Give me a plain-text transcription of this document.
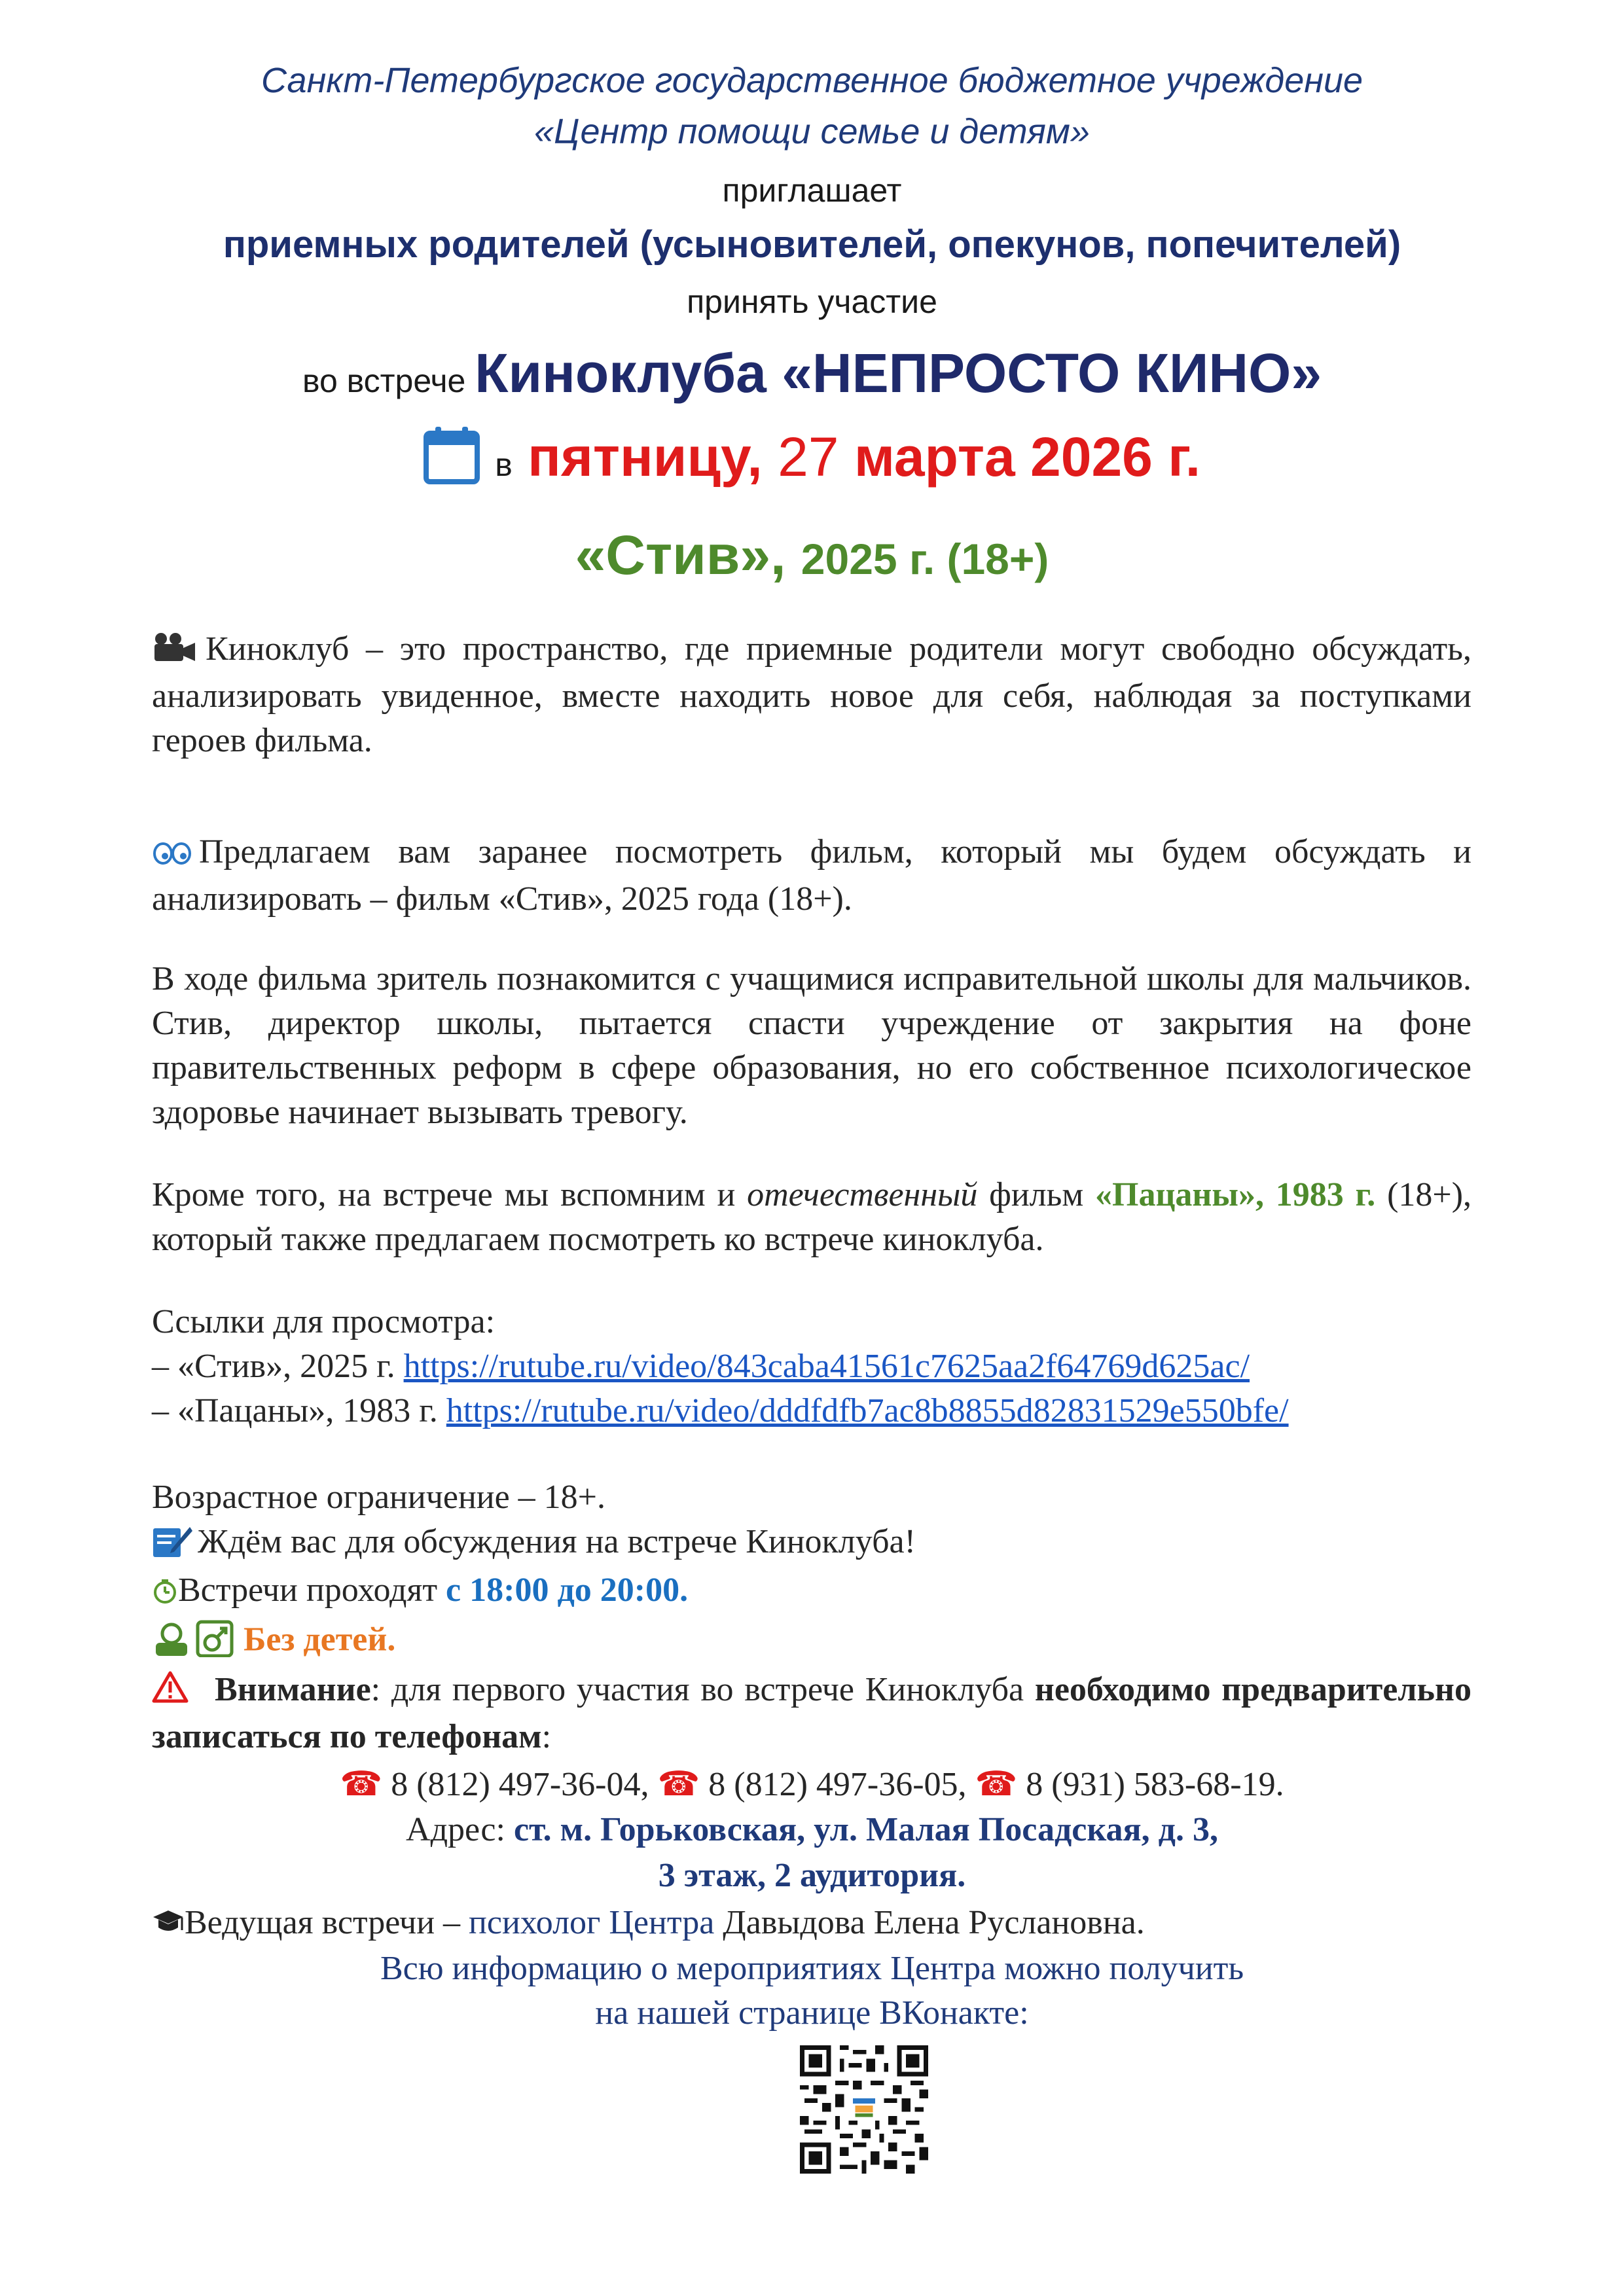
Санкт-Петербургское государственное бюджетное учреждение
«Центр помощи семье и детям»
приглашает
приемных родителей (усыновителей, опекунов, попечителей)
принять участие
во встрече Киноклуба «НЕПРОСТО КИНО»
в пятницу, 27 марта 2026 г.
«Стив», 2025 г. (18+)
Киноклуб – это пространство, где приемные родители могут свободно обсуждать, анализировать увиденное, вместе находить новое для себя, наблюдая за поступками героев фильма.
Предлагаем вам заранее посмотреть фильм, который мы будем обсуждать и анализировать – фильм «Стив», 2025 года (18+).
В ходе фильма зритель познакомится с учащимися исправительной школы для мальчиков. Стив, директор школы, пытается спасти учреждение от закрытия на фоне правительственных реформ в сфере образования, но его собственное психологическое здоровье начинает вызывать тревогу.
Кроме того, на встрече мы вспомним и отечественный фильм «Пацаны», 1983 г. (18+), который также предлагаем посмотреть ко встрече киноклуба.
Ссылки для просмотра:
– «Стив», 2025 г. https://rutube.ru/video/843caba41561c7625aa2f64769d625ac/
– «Пацаны», 1983 г. https://rutube.ru/video/dddfdfb7ac8b8855d82831529e550bfe/
Возрастное ограничение – 18+.
Ждём вас для обсуждения на встрече Киноклуба!
Встречи проходят с 18:00 до 20:00.
Без детей.
Внимание: для первого участия во встрече Киноклуба необходимо предварительно записаться по телефонам:
☎ 8 (812) 497-36-04, ☎ 8 (812) 497-36-05, ☎ 8 (931) 583-68-19.
Адрес: ст. м. Горьковская, ул. Малая Посадская, д. 3,
3 этаж, 2 аудитория.
Ведущая встречи – психолог Центра Давыдова Елена Руслановна.
Всю информацию о мероприятиях Центра можно получить
на нашей странице ВКонакте:
